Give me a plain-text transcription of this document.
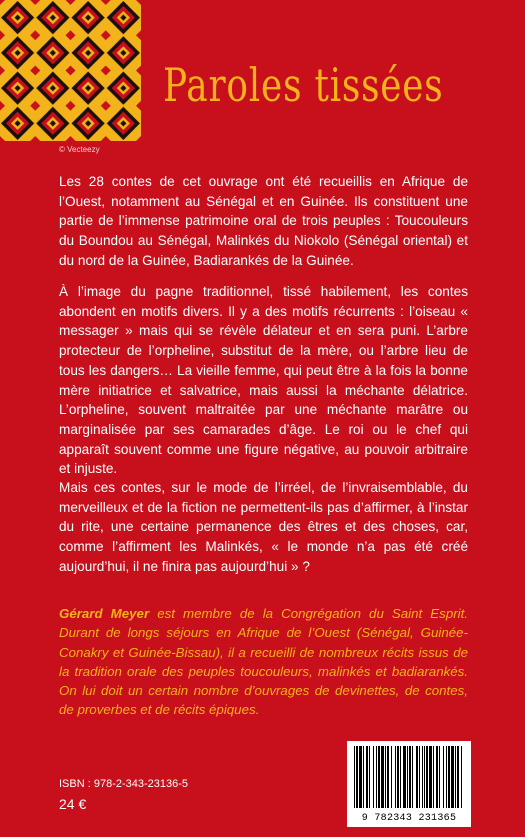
© Vecteezy
Paroles tissées

Les 28 contes de cet ouvrage ont été recueillis en Afrique de l’Ouest, notamment au Sénégal et en Guinée. Ils constituent une partie de l’immense patrimoine oral de trois peuples : Toucouleurs du Boundou au Sénégal, Malinkés du Niokolo (Sénégal oriental) et du nord de la Guinée, Badiarankés de la Guinée.

À l’image du pagne traditionnel, tissé habilement, les contes abondent en motifs divers. Il y a des motifs récurrents : l’oiseau « messager » mais qui se révèle délateur et en sera puni. L’arbre protecteur de l’orpheline, substitut de la mère, ou l’arbre lieu de tous les dangers… La vieille femme, qui peut être à la fois la bonne mère initiatrice et salvatrice, mais aussi la méchante délatrice. L’orpheline, souvent maltraitée par une méchante marâtre ou marginalisée par ses camarades d’âge. Le roi ou le chef qui apparaît souvent comme une figure négative, au pouvoir arbitraire et injuste.

Mais ces contes, sur le mode de l’irréel, de l’invraisemblable, du merveilleux et de la fiction ne permettent-ils pas d’affirmer, à l’instar du rite, une certaine permanence des êtres et des choses, car, comme l’affirment les Malinkés, « le monde n’a pas été créé aujourd’hui, il ne finira pas aujourd’hui » ?

Gérard Meyer est membre de la Congrégation du Saint Esprit. Durant de longs séjours en Afrique de l’Ouest (Sénégal, Guinée-Conakry et Guinée-Bissau), il a recueilli de nombreux récits issus de la tradition orale des peuples toucouleurs, malinkés et badiarankés. On lui doit un certain nombre d’ouvrages de devinettes, de contes, de proverbes et de récits épiques.

ISBN : 978-2-343-23136-5
24 €
9 782343 231365
